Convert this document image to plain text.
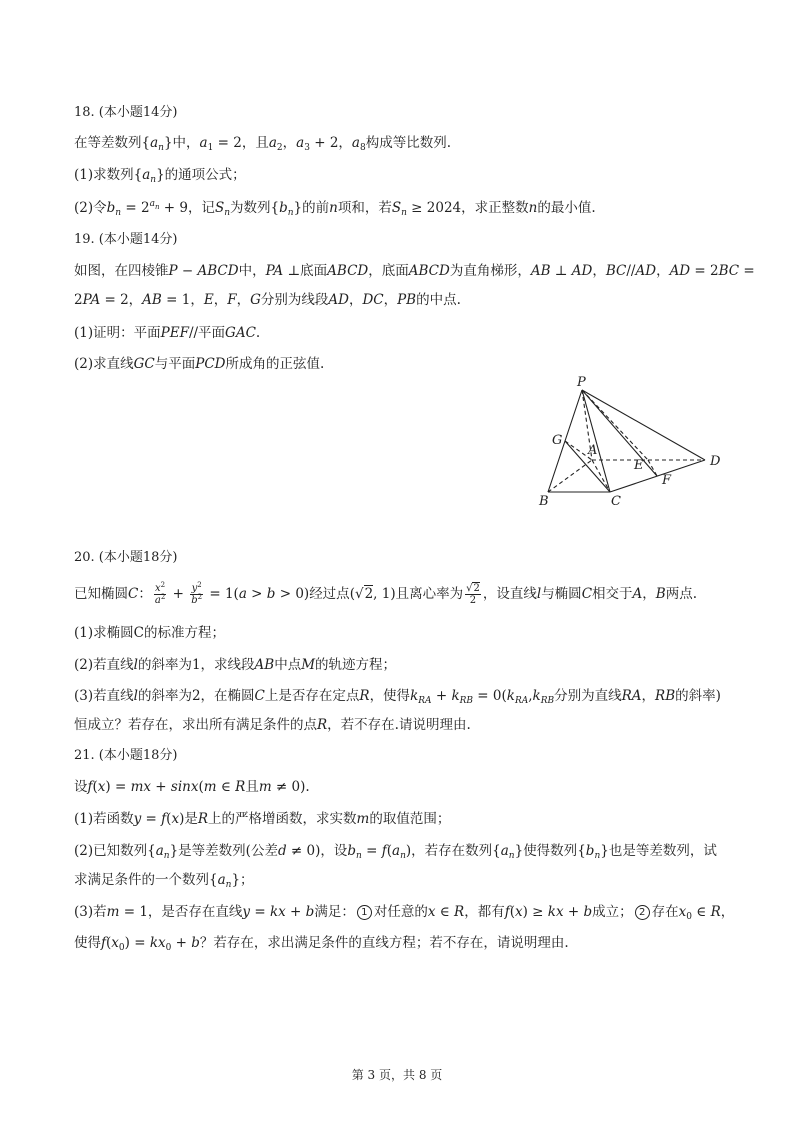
18. (本小题14分)
在等差数列$\{a_n\}$中，$a_1 = 2$，且$a_2$，$a_3 + 2$，$a_8$构成等比数列.
(1)求数列$\{a_n\}$的通项公式；
(2)令$b_n = 2^{a_n} + 9$，记$S_n$为数列$\{b_n\}$的前n项和，若$S_n \ge 2024$，求正整数n的最小值.
19. (本小题14分)
如图，在四棱锥P − ABCD中，PA ⊥底面ABCD，底面ABCD为直角梯形，AB ⊥ AD，BC//AD，AD = 2BC =
2PA = 2，AB = 1，E，F，G分别为线段AD，DC，PB的中点.
(1)证明：平面PEF//平面GAC.
(2)求直线GC与平面PCD所成角的正弦值.
P
G
A
E	D
F
B	C
20. (本小题18分)
已知椭圆C： $\frac{x^2}{a^2} + \frac{y^2}{b^2} = 1(a > b > 0)$经过点(√2, 1)且离心率为 $\frac{√2}{2}$ ，设直线l与椭圆C相交于A，B两点.
(1)求椭圆C的标准方程；
(2)若直线l的斜率为1，求线段AB中点M的轨迹方程；
(3)若直线l的斜率为2，在椭圆C上是否存在定点R，使得$k_{RA} + k_{RB} = 0(k_{RA},k_{RB}$分别为直线RA，RB的斜率)
恒成立？若存在，求出所有满足条件的点R，若不存在.请说明理由.
21. (本小题18分)
设f(x) = mx + sinx(m ∈ R且m ≠ 0).
(1)若函数y = f(x)是R上的严格增函数，求实数m的取值范围；
(2)已知数列$\{a_n\}$是等差数列(公差d ≠ 0)，设$b_n = f(a_n)$，若存在数列$\{a_n\}$使得数列$\{b_n\}$也是等差数列，试
求满足条件的一个数列$\{a_n\}$；
(3)若m = 1，是否存在直线y = kx + b满足： 1 对任意的x ∈ R，都有f(x) ≥ kx + b成立； 2 存在$x_0$ ∈ R，
使得$f(x_0) = kx_0 + b$？若存在，求出满足条件的直线方程；若不存在，请说明理由.
第 3 页，共 8 页
